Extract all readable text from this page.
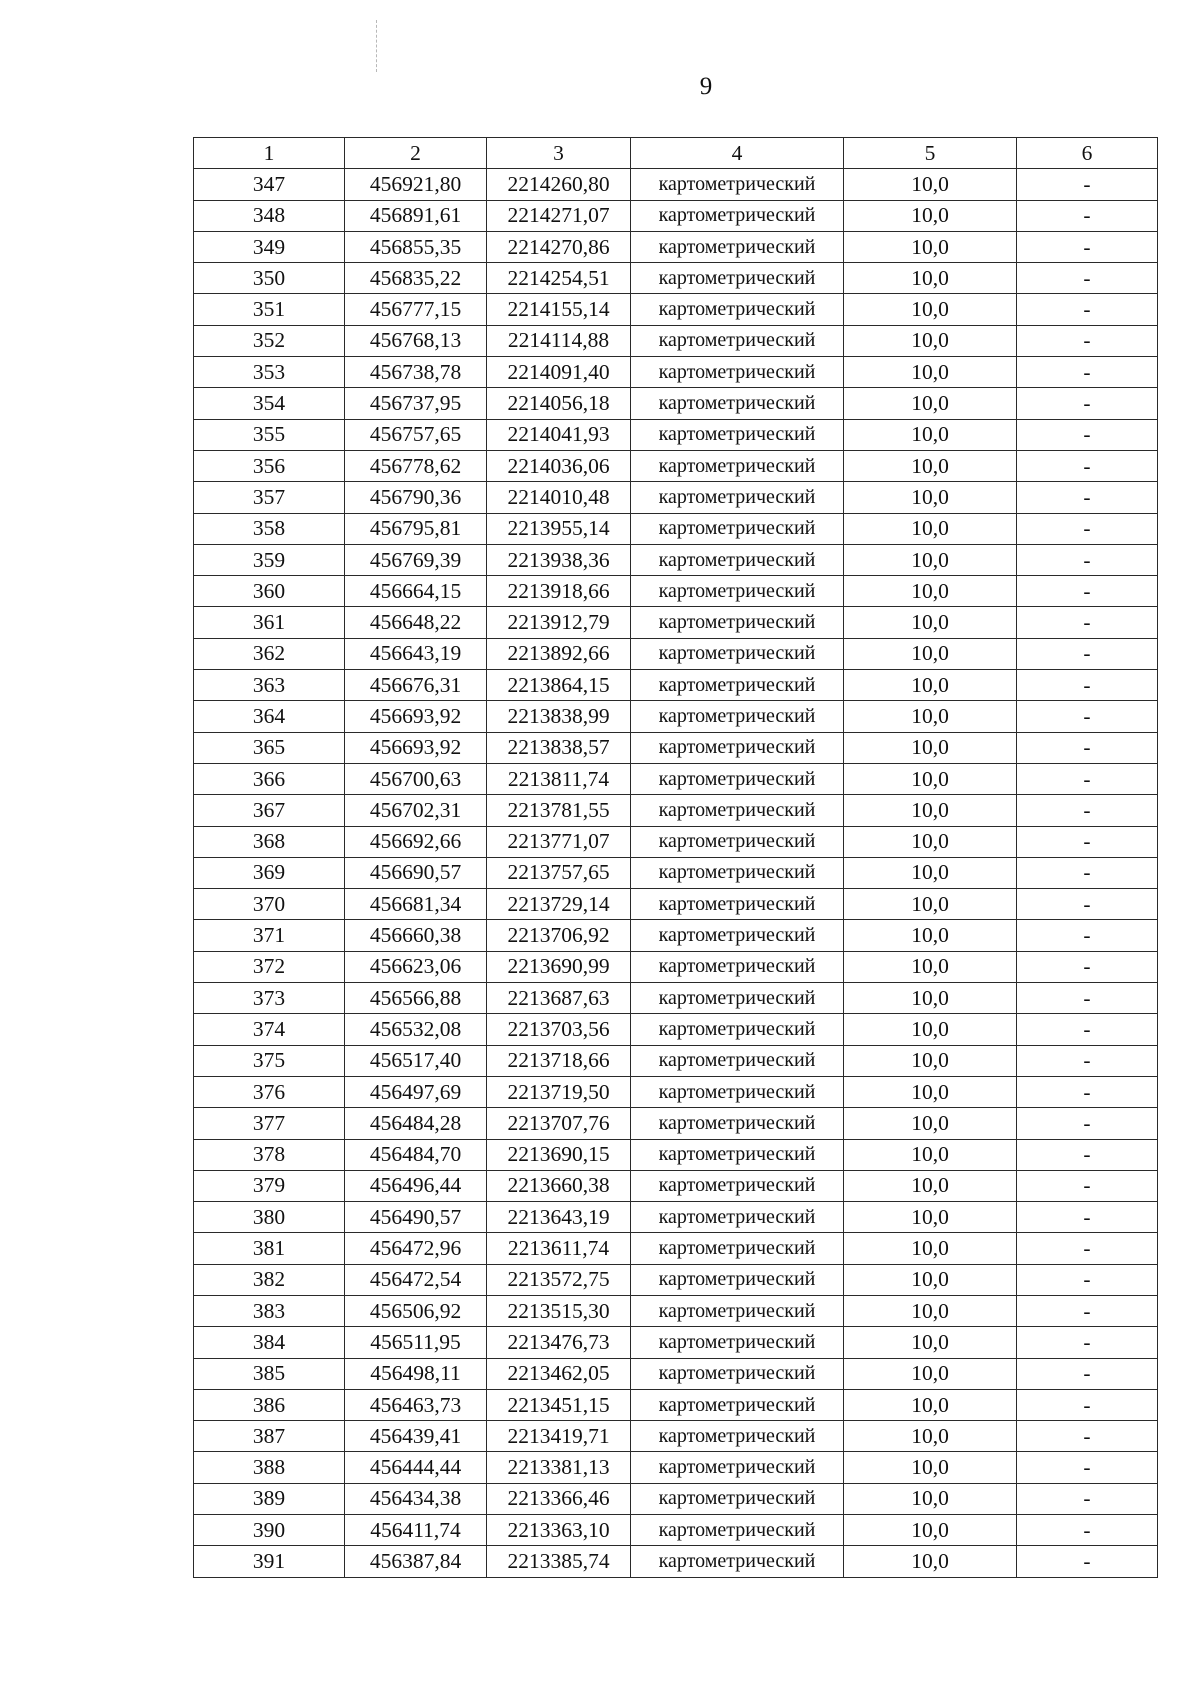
9
1	2	3	4	5	6
347	456921,80	2214260,80	картометрический	10,0	-
348	456891,61	2214271,07	картометрический	10,0	-
349	456855,35	2214270,86	картометрический	10,0	-
350	456835,22	2214254,51	картометрический	10,0	-
351	456777,15	2214155,14	картометрический	10,0	-
352	456768,13	2214114,88	картометрический	10,0	-
353	456738,78	2214091,40	картометрический	10,0	-
354	456737,95	2214056,18	картометрический	10,0	-
355	456757,65	2214041,93	картометрический	10,0	-
356	456778,62	2214036,06	картометрический	10,0	-
357	456790,36	2214010,48	картометрический	10,0	-
358	456795,81	2213955,14	картометрический	10,0	-
359	456769,39	2213938,36	картометрический	10,0	-
360	456664,15	2213918,66	картометрический	10,0	-
361	456648,22	2213912,79	картометрический	10,0	-
362	456643,19	2213892,66	картометрический	10,0	-
363	456676,31	2213864,15	картометрический	10,0	-
364	456693,92	2213838,99	картометрический	10,0	-
365	456693,92	2213838,57	картометрический	10,0	-
366	456700,63	2213811,74	картометрический	10,0	-
367	456702,31	2213781,55	картометрический	10,0	-
368	456692,66	2213771,07	картометрический	10,0	-
369	456690,57	2213757,65	картометрический	10,0	-
370	456681,34	2213729,14	картометрический	10,0	-
371	456660,38	2213706,92	картометрический	10,0	-
372	456623,06	2213690,99	картометрический	10,0	-
373	456566,88	2213687,63	картометрический	10,0	-
374	456532,08	2213703,56	картометрический	10,0	-
375	456517,40	2213718,66	картометрический	10,0	-
376	456497,69	2213719,50	картометрический	10,0	-
377	456484,28	2213707,76	картометрический	10,0	-
378	456484,70	2213690,15	картометрический	10,0	-
379	456496,44	2213660,38	картометрический	10,0	-
380	456490,57	2213643,19	картометрический	10,0	-
381	456472,96	2213611,74	картометрический	10,0	-
382	456472,54	2213572,75	картометрический	10,0	-
383	456506,92	2213515,30	картометрический	10,0	-
384	456511,95	2213476,73	картометрический	10,0	-
385	456498,11	2213462,05	картометрический	10,0	-
386	456463,73	2213451,15	картометрический	10,0	-
387	456439,41	2213419,71	картометрический	10,0	-
388	456444,44	2213381,13	картометрический	10,0	-
389	456434,38	2213366,46	картометрический	10,0	-
390	456411,74	2213363,10	картометрический	10,0	-
391	456387,84	2213385,74	картометрический	10,0	-
